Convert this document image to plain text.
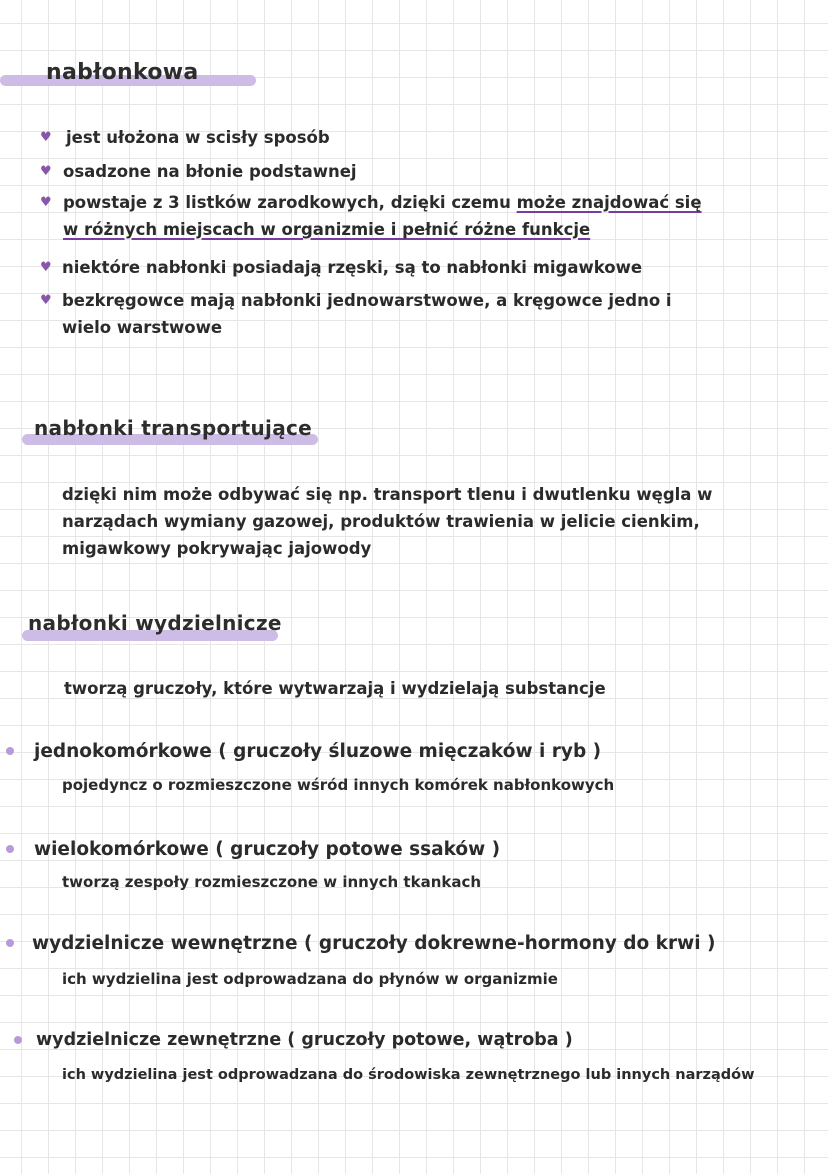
nabłonkowa
♥ jest ułożona w scisły sposób
♥ osadzone na błonie podstawnej
♥ powstaje z 3 listków zarodkowych, dzięki czemu może znajdować się
w różnych miejscach w organizmie i pełnić różne funkcje
♥ niektóre nabłonki posiadają rzęski, są to nabłonki migawkowe
♥ bezkręgowce mają nabłonki jednowarstwowe, a kręgowce jedno i
wielo warstwowe
nabłonki transportujące
dzięki nim może odbywać się np. transport tlenu i dwutlenku węgla w
narządach wymiany gazowej, produktów trawienia w jelicie cienkim,
migawkowy pokrywając jajowody
nabłonki wydzielnicze
tworzą gruczoły, które wytwarzają i wydzielają substancje
jednokomórkowe ( gruczoły śluzowe mięczaków i ryb )
pojedyncz o rozmieszczone wśród innych komórek nabłonkowych
wielokomórkowe ( gruczoły potowe ssaków )
tworzą zespoły rozmieszczone w innych tkankach
wydzielnicze wewnętrzne ( gruczoły dokrewne-hormony do krwi )
ich wydzielina jest odprowadzana do płynów w organizmie
wydzielnicze zewnętrzne ( gruczoły potowe, wątroba )
ich wydzielina jest odprowadzana do środowiska zewnętrznego lub innych narządów
